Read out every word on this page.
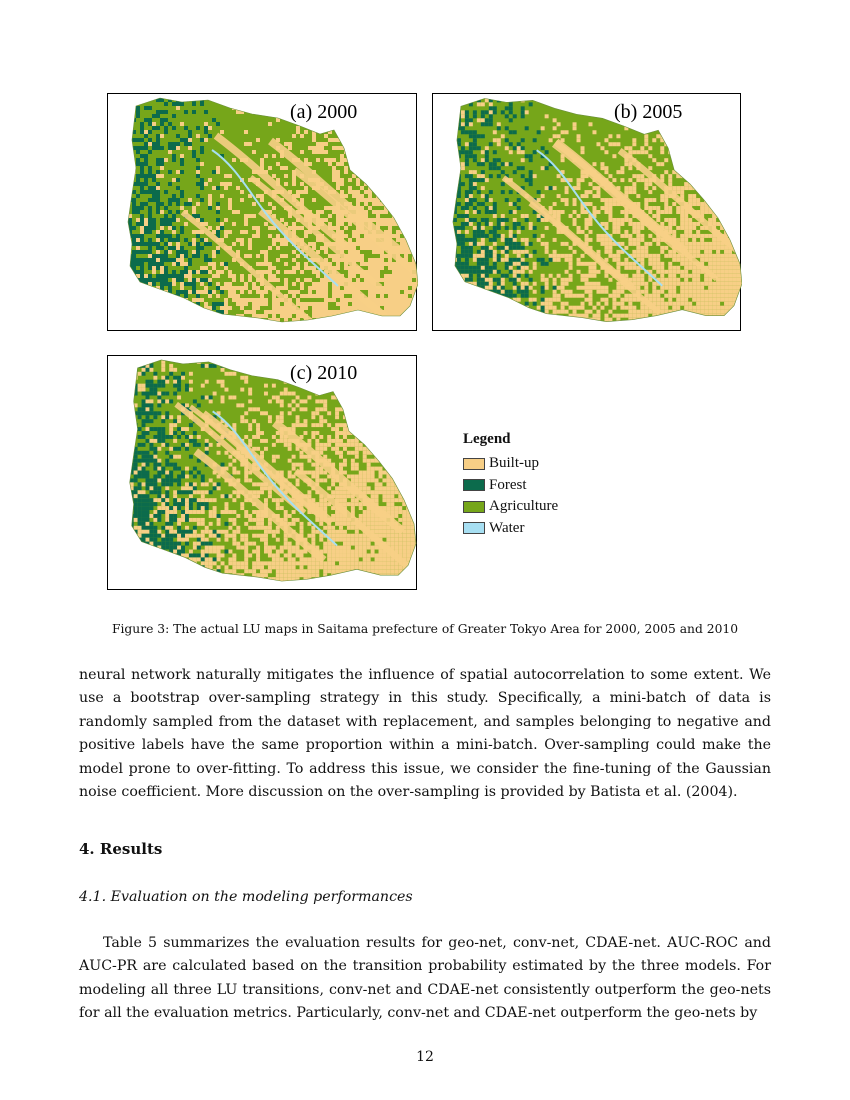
(a) 2000	(b) 2005
(c) 2010
Legend
Built-up
Forest
Agriculture
Water
Figure 3: The actual LU maps in Saitama prefecture of Greater Tokyo Area for 2000, 2005 and 2010
neural network naturally mitigates the influence of spatial autocorrelation to some extent. We use a bootstrap over-sampling strategy in this study. Specifically, a mini-batch of data is randomly sampled from the dataset with replacement, and samples belonging to negative and positive labels have the same proportion within a mini-batch. Over-sampling could make the model prone to over-fitting. To address this issue, we consider the fine-tuning of the Gaussian noise coefficient. More discussion on the over-sampling is provided by Batista et al. (2004).
4. Results
4.1. Evaluation on the modeling performances
Table 5 summarizes the evaluation results for geo-net, conv-net, CDAE-net. AUC-ROC and AUC-PR are calculated based on the transition probability estimated by the three models. For modeling all three LU transitions, conv-net and CDAE-net consistently outperform the geo-nets for all the evaluation metrics. Particularly, conv-net and CDAE-net outperform the geo-nets by
12
